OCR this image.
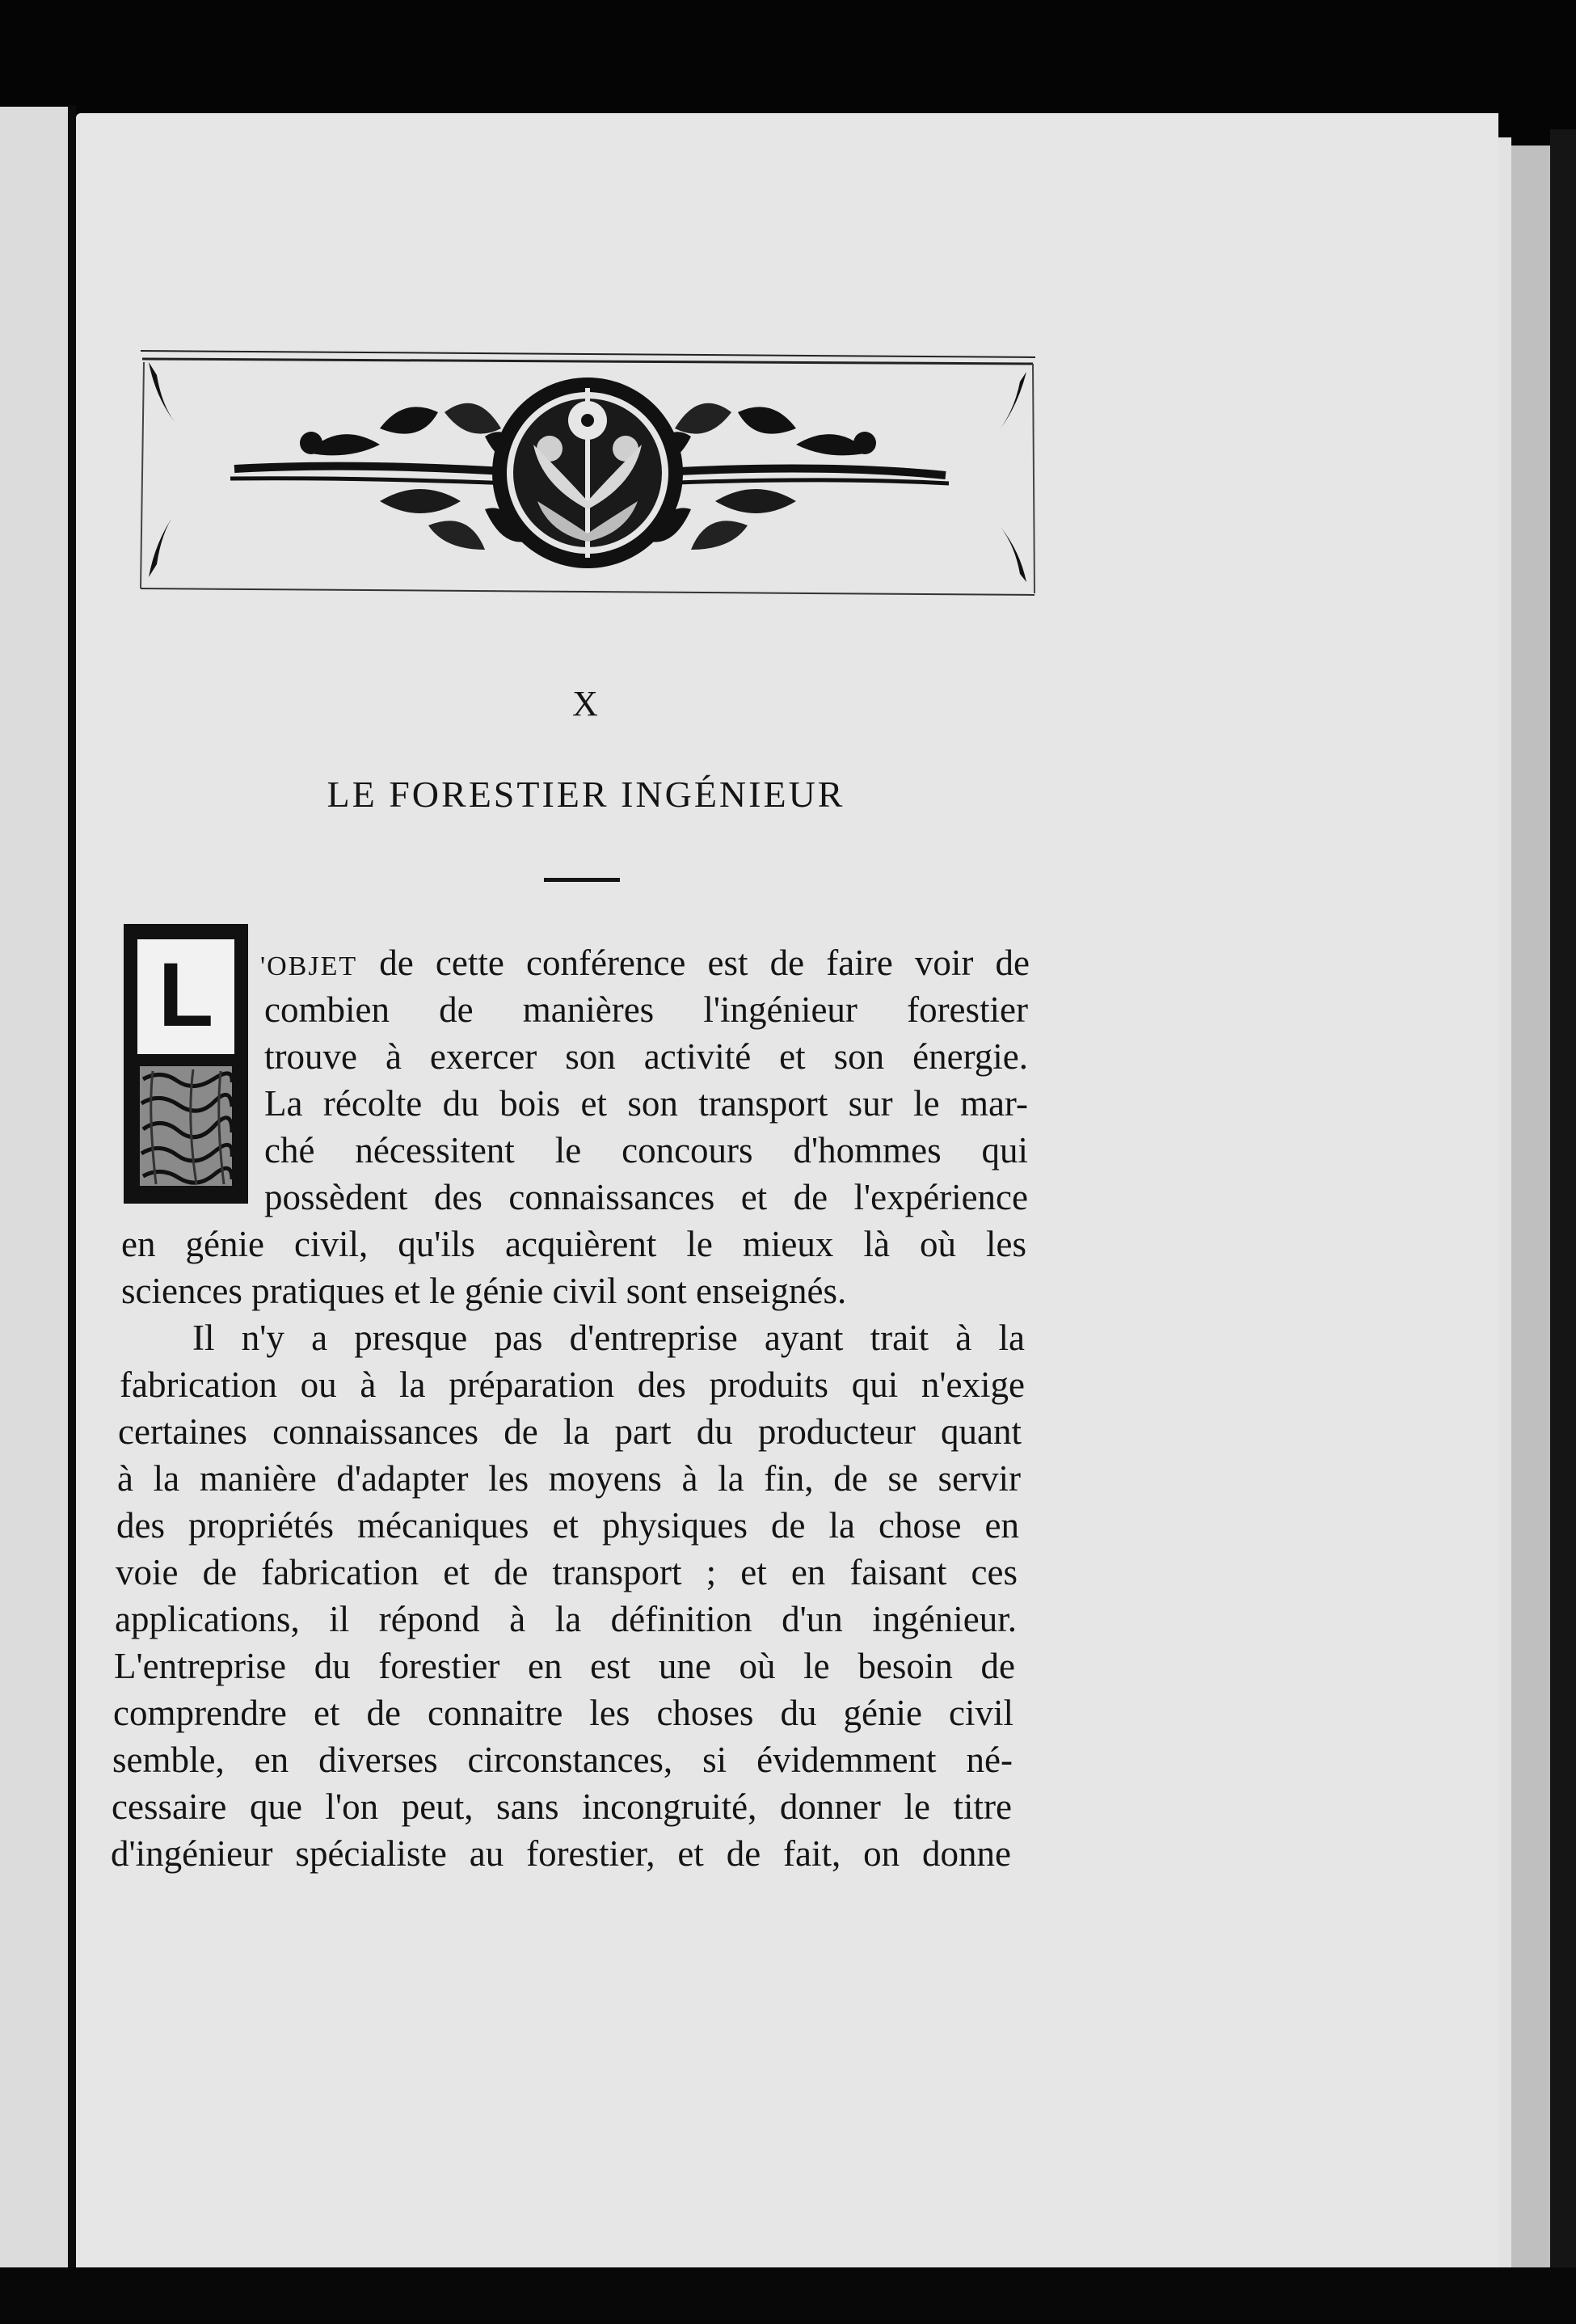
X
LE FORESTIER INGÉNIEUR
L	'OBJET de cette conférence est de faire voir de
combien de manières l'ingénieur forestier
trouve à exercer son activité et son énergie.
La récolte du bois et son transport sur le mar-
ché nécessitent le concours d'hommes qui
possèdent des connaissances et de l'expérience
en génie civil, qu'ils acquièrent le mieux là où les
sciences pratiques et le génie civil sont enseignés.
Il n'y a presque pas d'entreprise ayant trait à la
fabrication ou à la préparation des produits qui n'exige
certaines connaissances de la part du producteur quant
à la manière d'adapter les moyens à la fin, de se servir
des propriétés mécaniques et physiques de la chose en
voie de fabrication et de transport ; et en faisant ces
applications, il répond à la définition d'un ingénieur.
L'entreprise du forestier en est une où le besoin de
comprendre et de connaitre les choses du génie civil
semble, en diverses circonstances, si évidemment né-
cessaire que l'on peut, sans incongruité, donner le titre
d'ingénieur spécialiste au forestier, et de fait, on donne
